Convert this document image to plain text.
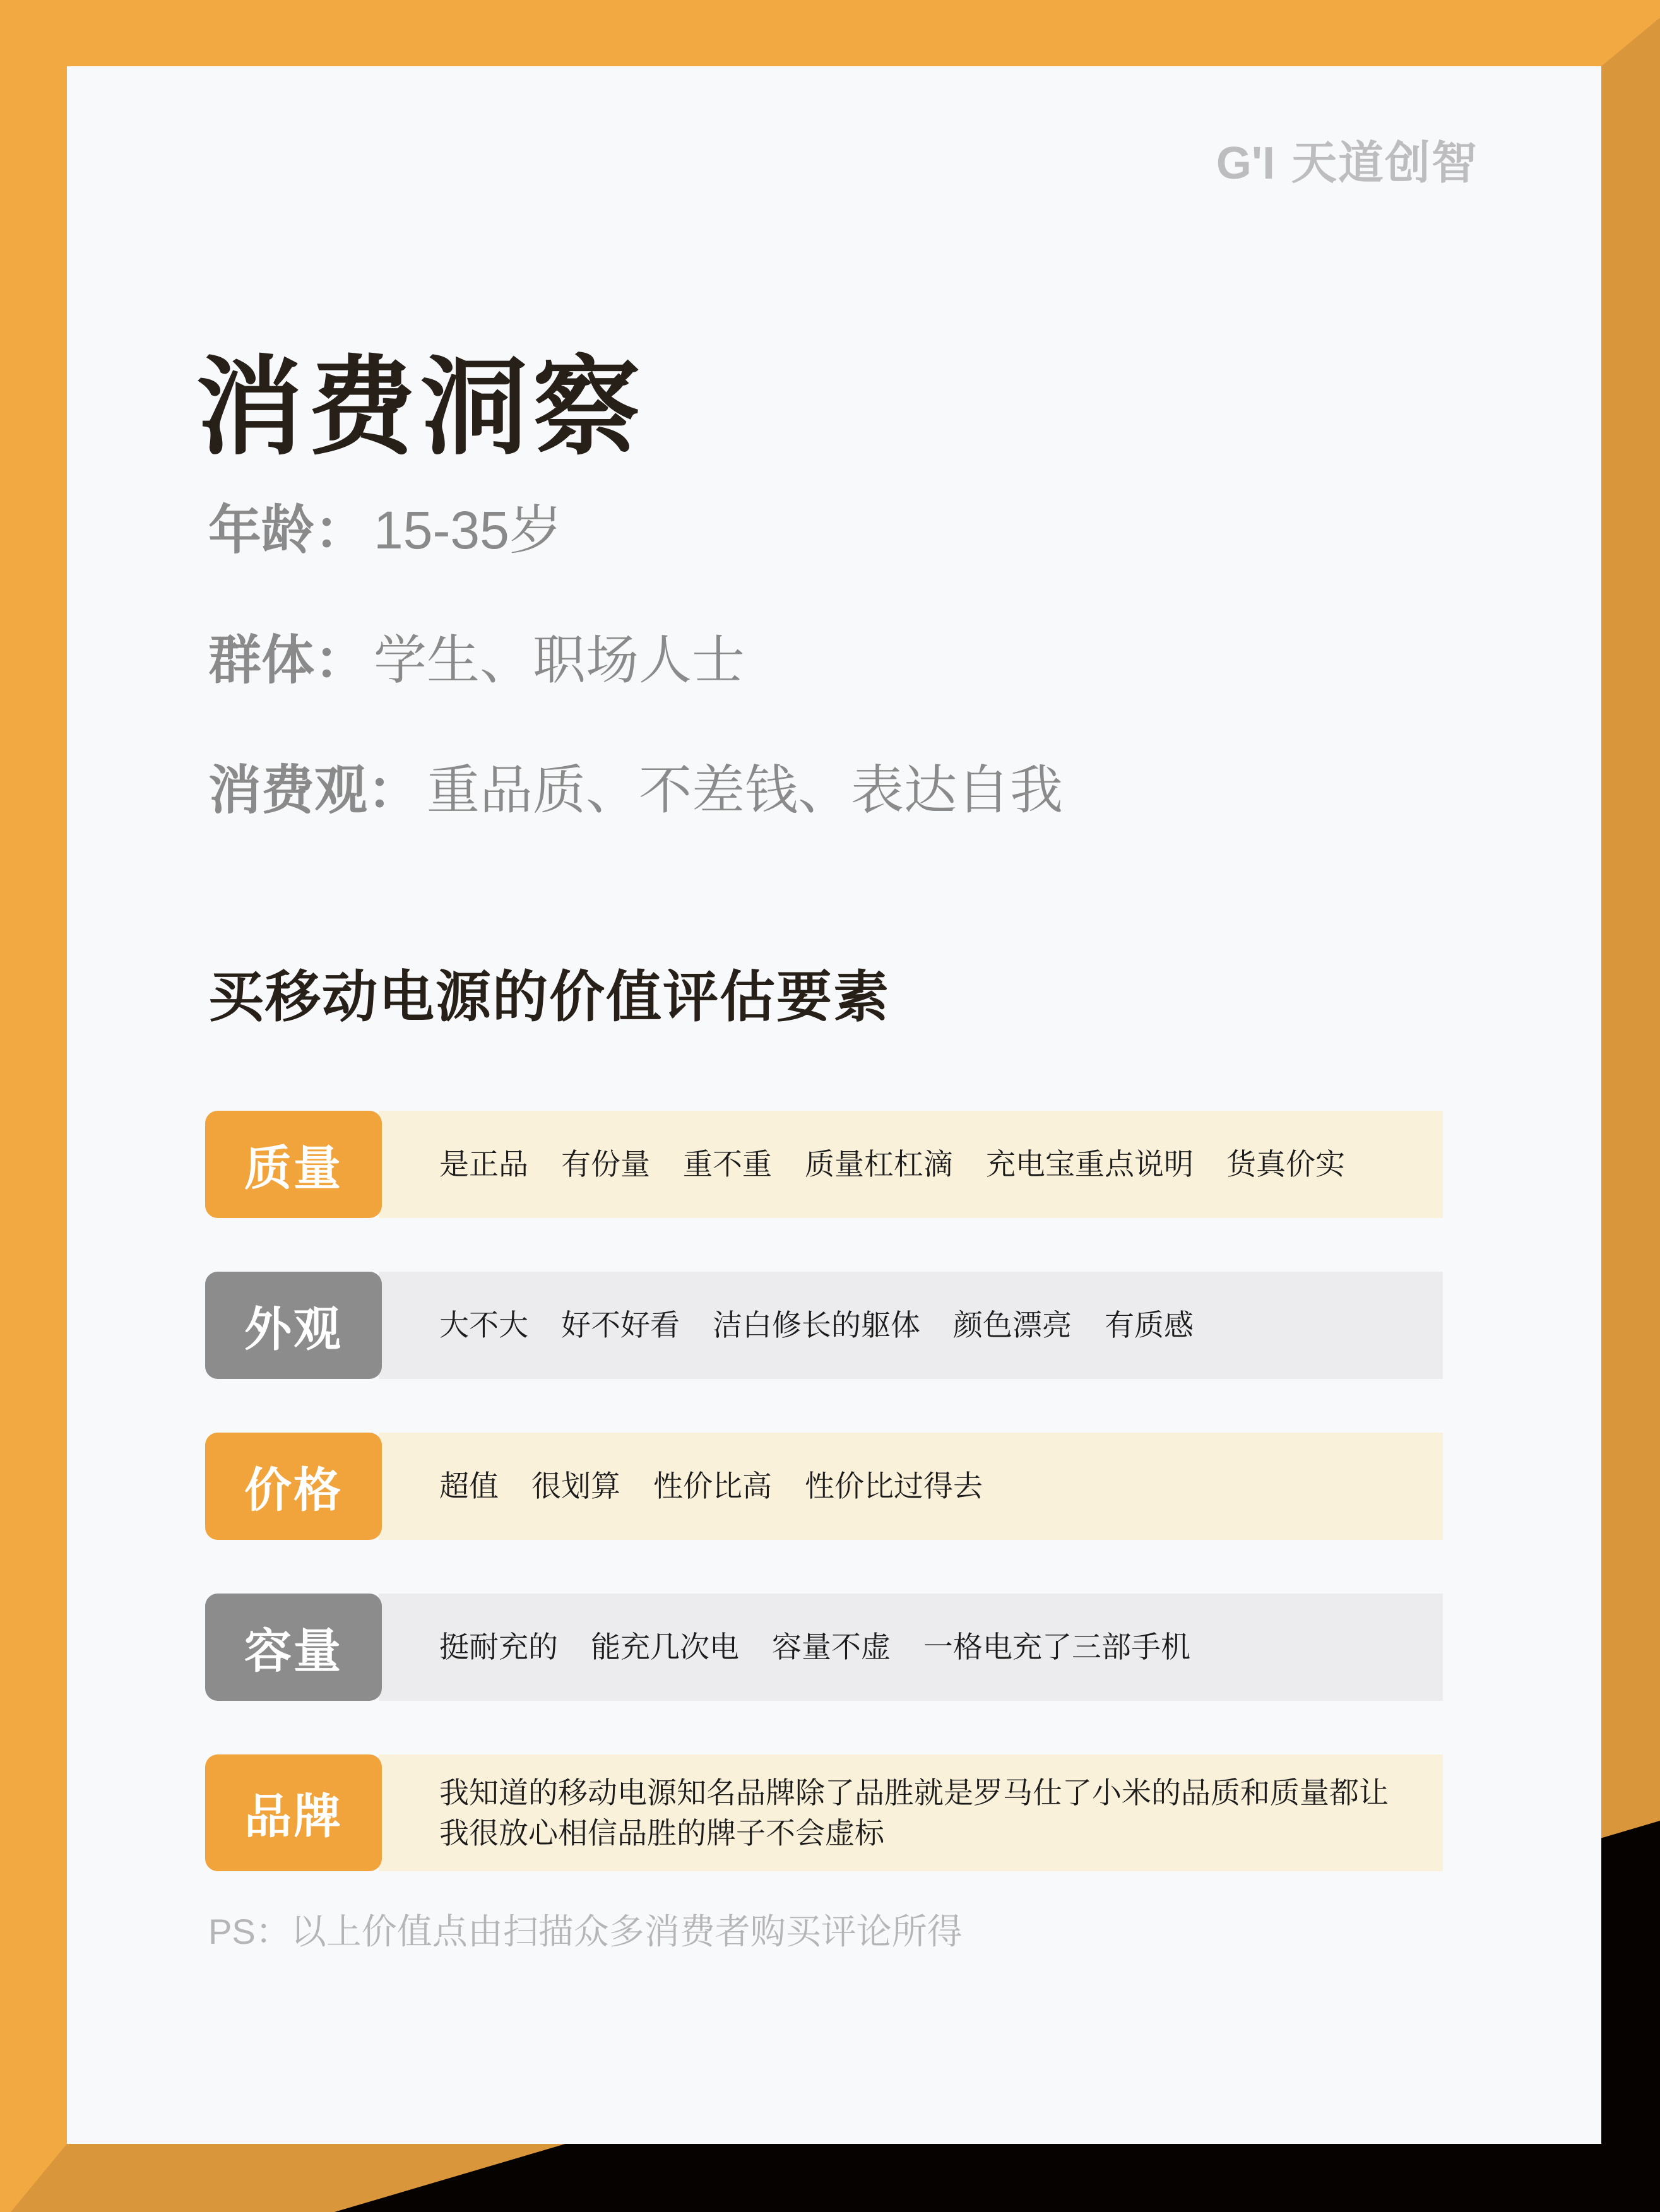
G'I 天道创智
消费洞察
年龄： 15-35岁
群体： 学生、职场人士
消费观： 重品质、不差钱、表达自我
买移动电源的价值评估要素
是正品 有份量 重不重 质量杠杠滴 充电宝重点说明 货真价实
质量
大不大 好不好看 洁白修长的躯体 颜色漂亮 有质感
外观
超值 很划算 性价比高 性价比过得去
价格
挺耐充的 能充几次电 容量不虚 一格电充了三部手机
容量
我知道的移动电源知名品牌除了品胜就是罗马仕了小米的品质和质量都让我很放心相信品胜的牌子不会虚标
品牌
PS：以上价值点由扫描众多消费者购买评论所得
